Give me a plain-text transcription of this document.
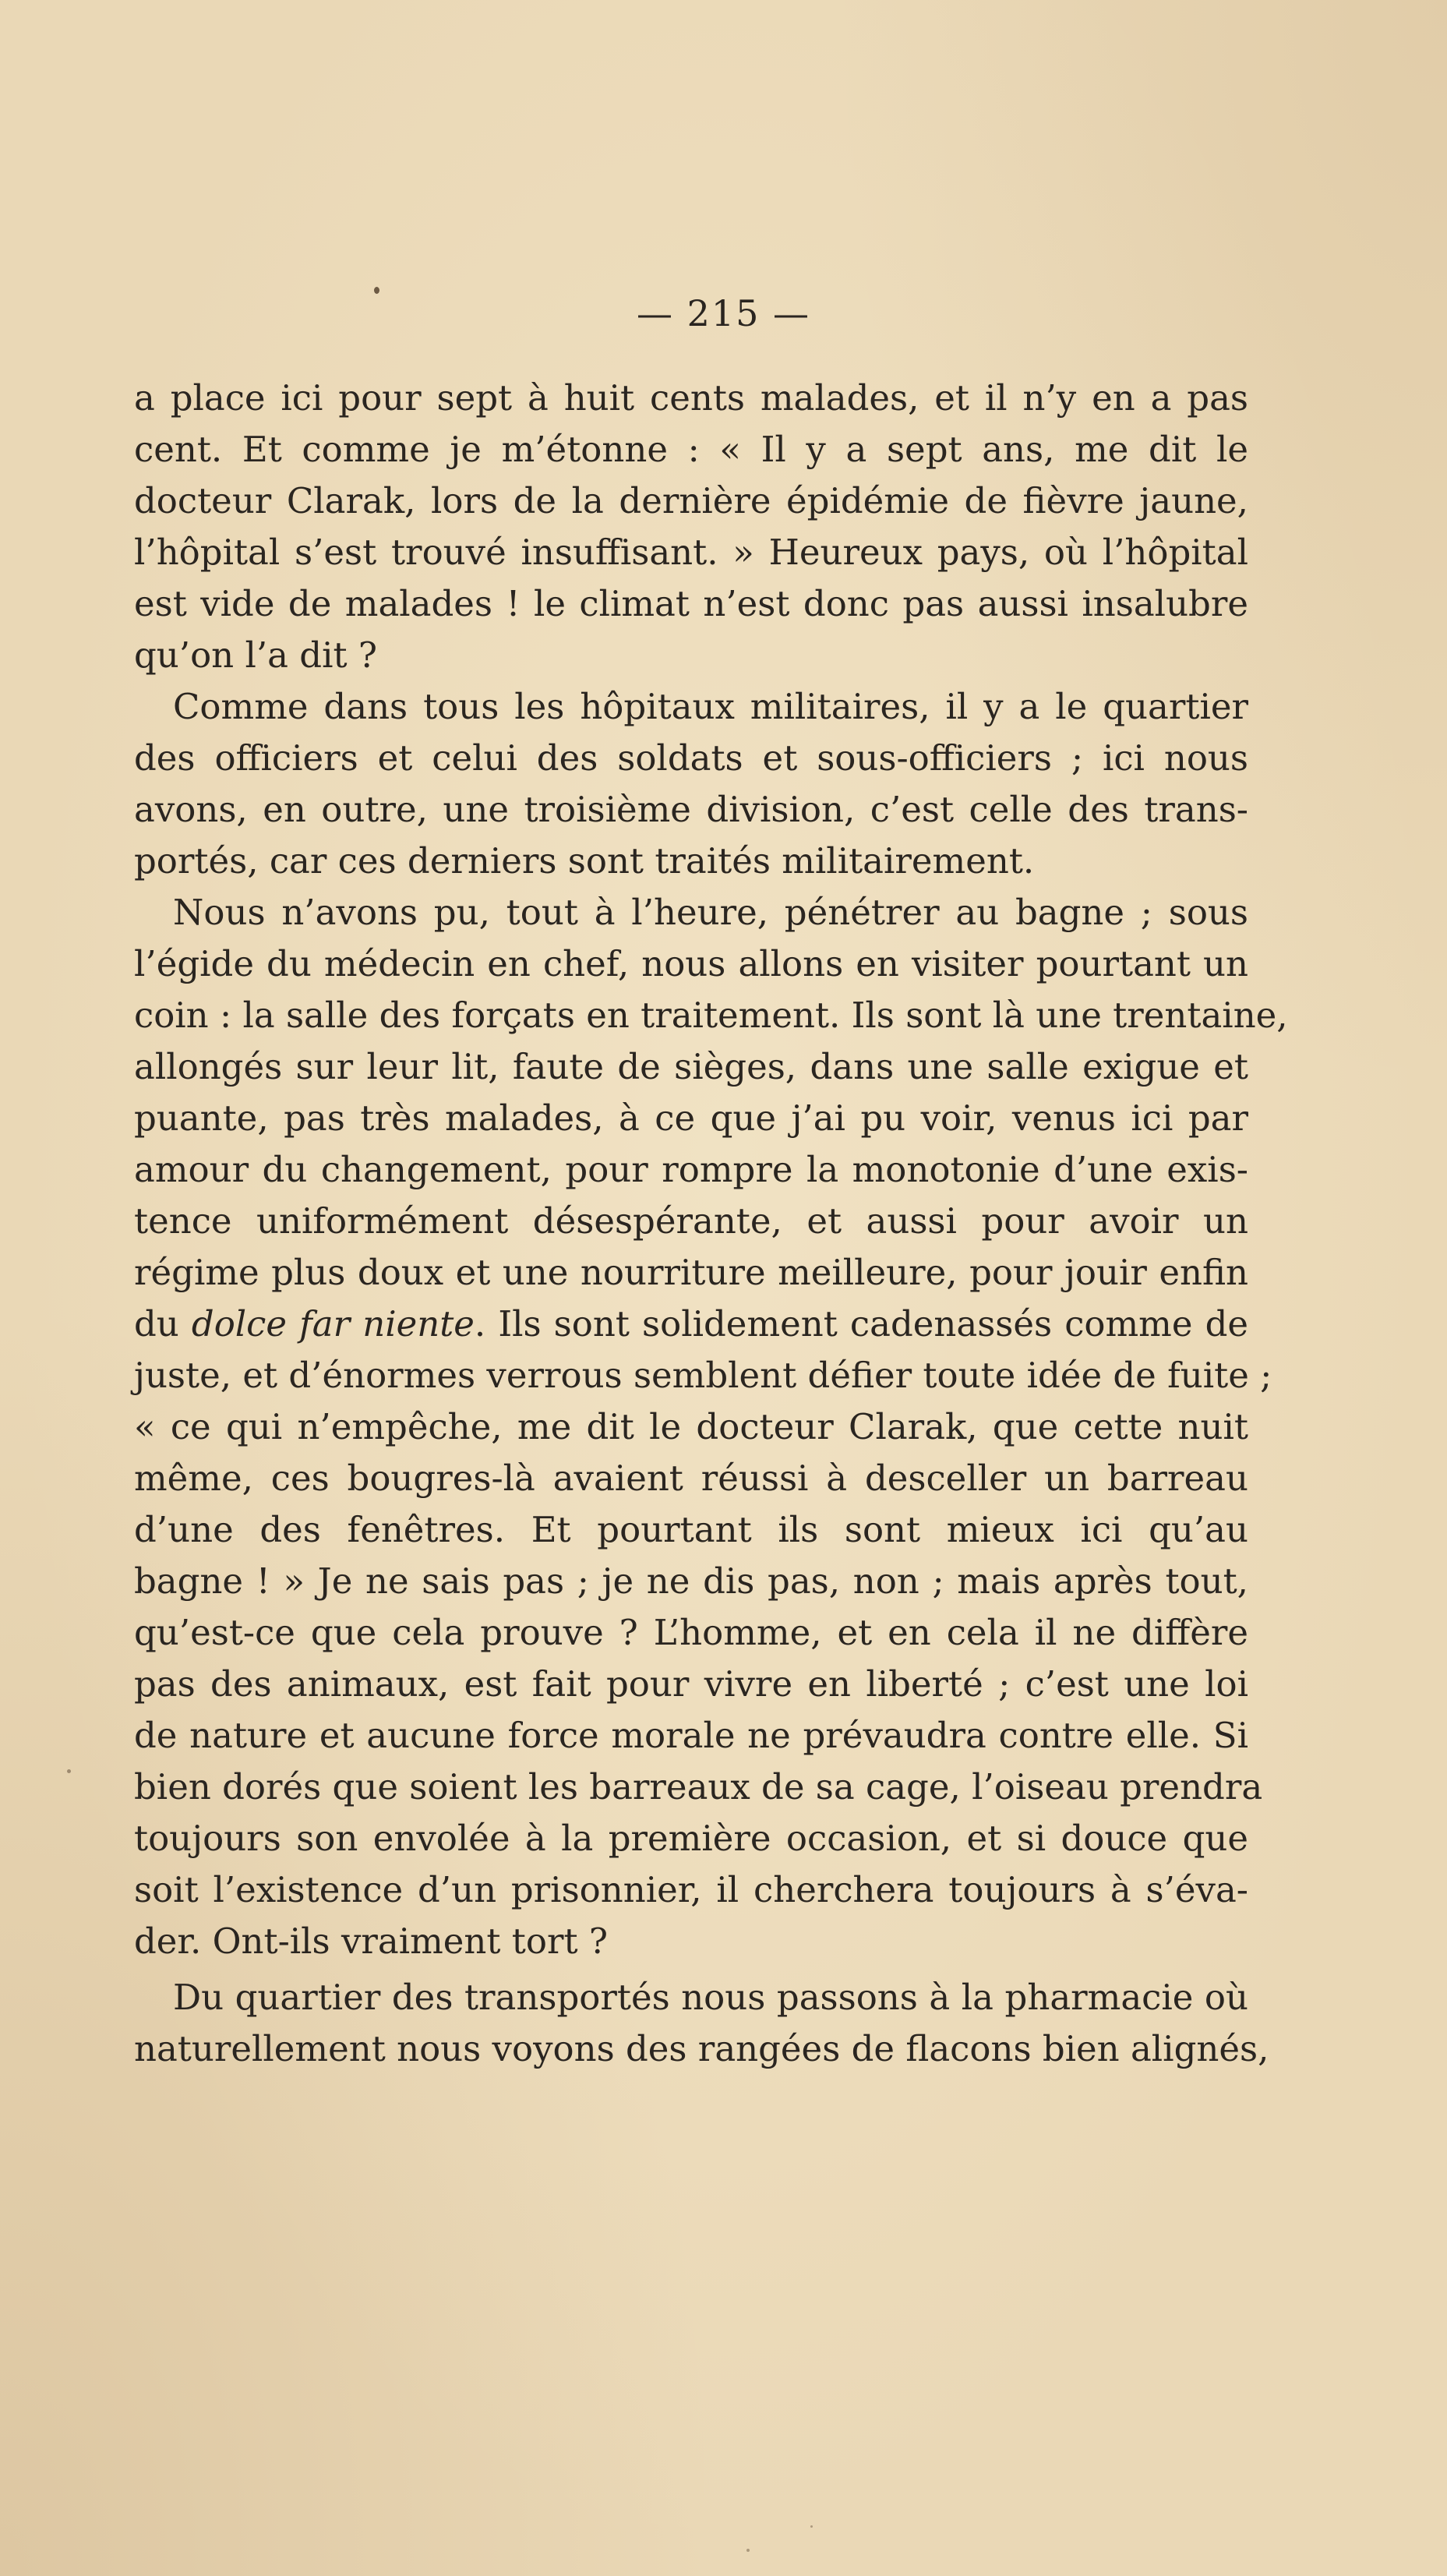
— 215 —
a place ici pour sept à huit cents malades, et il n’y en a pas
cent. Et comme je m’étonne : « Il y a sept ans, me dit le
docteur Clarak, lors de la dernière épidémie de fièvre jaune,
l’hôpital s’est trouvé insuffisant. » Heureux pays, où l’hôpital
est vide de malades ! le climat n’est donc pas aussi insalubre
qu’on l’a dit ?
Comme dans tous les hôpitaux militaires, il y a le quartier
des officiers et celui des soldats et sous-officiers ; ici nous
avons, en outre, une troisième division, c’est celle des trans-
portés, car ces derniers sont traités militairement.
Nous n’avons pu, tout à l’heure, pénétrer au bagne ; sous
l’égide du médecin en chef, nous allons en visiter pourtant un
coin : la salle des forçats en traitement. Ils sont là une trentaine,
allongés sur leur lit, faute de sièges, dans une salle exigue et
puante, pas très malades, à ce que j’ai pu voir, venus ici par
amour du changement, pour rompre la monotonie d’une exis-
tence uniformément désespérante, et aussi pour avoir un
régime plus doux et une nourriture meilleure, pour jouir enfin
du dolce far niente. Ils sont solidement cadenassés comme de
juste, et d’énormes verrous semblent défier toute idée de fuite ;
« ce qui n’empêche, me dit le docteur Clarak, que cette nuit
même, ces bougres-là avaient réussi à desceller un barreau
d’une des fenêtres. Et pourtant ils sont mieux ici qu’au
bagne ! » Je ne sais pas ; je ne dis pas, non ; mais après tout,
qu’est-ce que cela prouve ? L’homme, et en cela il ne diffère
pas des animaux, est fait pour vivre en liberté ; c’est une loi
de nature et aucune force morale ne prévaudra contre elle. Si
bien dorés que soient les barreaux de sa cage, l’oiseau prendra
toujours son envolée à la première occasion, et si douce que
soit l’existence d’un prisonnier, il cherchera toujours à s’éva-
der. Ont-ils vraiment tort ?
Du quartier des transportés nous passons à la pharmacie où
naturellement nous voyons des rangées de flacons bien alignés,
